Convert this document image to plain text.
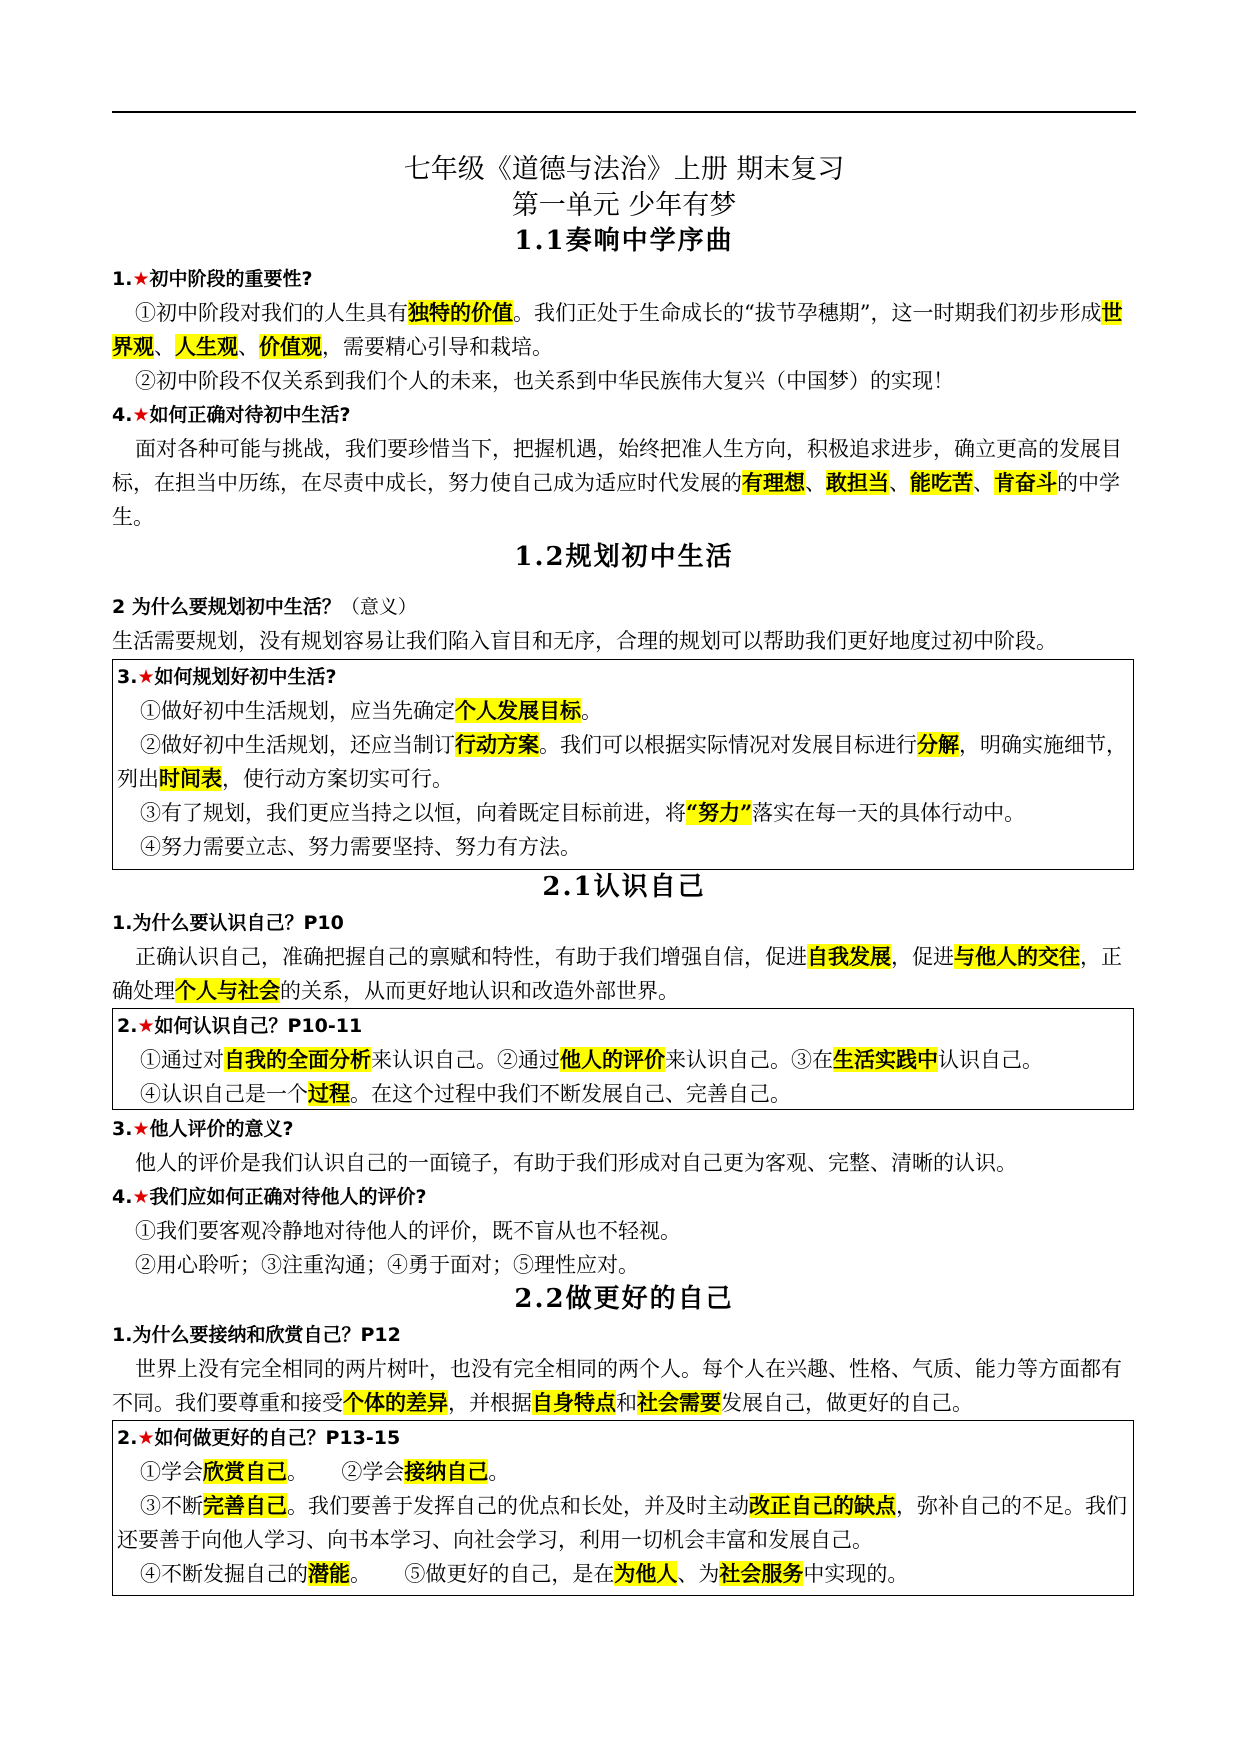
七年级《道德与法治》上册 期末复习

第一单元 少年有梦

1.1奏响中学序曲

1.★初中阶段的重要性?

①初中阶段对我们的人生具有独特的价值。我们正处于生命成长的“拔节孕穗期”，这一时期我们初步形成世界观、人生观、价值观，需要精心引导和栽培。

②初中阶段不仅关系到我们个人的未来，也关系到中华民族伟大复兴（中国梦）的实现！

4.★如何正确对待初中生活?

面对各种可能与挑战，我们要珍惜当下，把握机遇，始终把准人生方向，积极追求进步，确立更高的发展目标，在担当中历练，在尽责中成长，努力使自己成为适应时代发展的有理想、敢担当、能吃苦、肯奋斗的中学生。

1.2规划初中生活

2 为什么要规划初中生活？（意义）

生活需要规划，没有规划容易让我们陷入盲目和无序，合理的规划可以帮助我们更好地度过初中阶段。

3.★如何规划好初中生活?

①做好初中生活规划，应当先确定个人发展目标。

②做好初中生活规划，还应当制订行动方案。我们可以根据实际情况对发展目标进行分解，明确实施细节，列出时间表，使行动方案切实可行。

③有了规划，我们更应当持之以恒，向着既定目标前进，将“努力”落实在每一天的具体行动中。

④努力需要立志、努力需要坚持、努力有方法。

2.1认识自己

1.为什么要认识自己？P10

正确认识自己，准确把握自己的禀赋和特性，有助于我们增强自信，促进自我发展，促进与他人的交往，正确处理个人与社会的关系，从而更好地认识和改造外部世界。

2.★如何认识自己？P10-11

①通过对自我的全面分析来认识自己。②通过他人的评价来认识自己。③在生活实践中认识自己。

④认识自己是一个过程。在这个过程中我们不断发展自己、完善自己。

3.★他人评价的意义?

他人的评价是我们认识自己的一面镜子，有助于我们形成对自己更为客观、完整、清晰的认识。

4.★我们应如何正确对待他人的评价?

①我们要客观冷静地对待他人的评价，既不盲从也不轻视。

②用心聆听；③注重沟通；④勇于面对；⑤理性应对。

2.2做更好的自己

1.为什么要接纳和欣赏自己？P12

世界上没有完全相同的两片树叶，也没有完全相同的两个人。每个人在兴趣、性格、气质、能力等方面都有不同。我们要尊重和接受个体的差异，并根据自身特点和社会需要发展自己，做更好的自己。

2.★如何做更好的自己？P13-15

①学会欣赏自己。     ②学会接纳自己。

③不断完善自己。我们要善于发挥自己的优点和长处，并及时主动改正自己的缺点，弥补自己的不足。我们还要善于向他人学习、向书本学习、向社会学习，利用一切机会丰富和发展自己。

④不断发掘自己的潜能。     ⑤做更好的自己，是在为他人、为社会服务中实现的。
